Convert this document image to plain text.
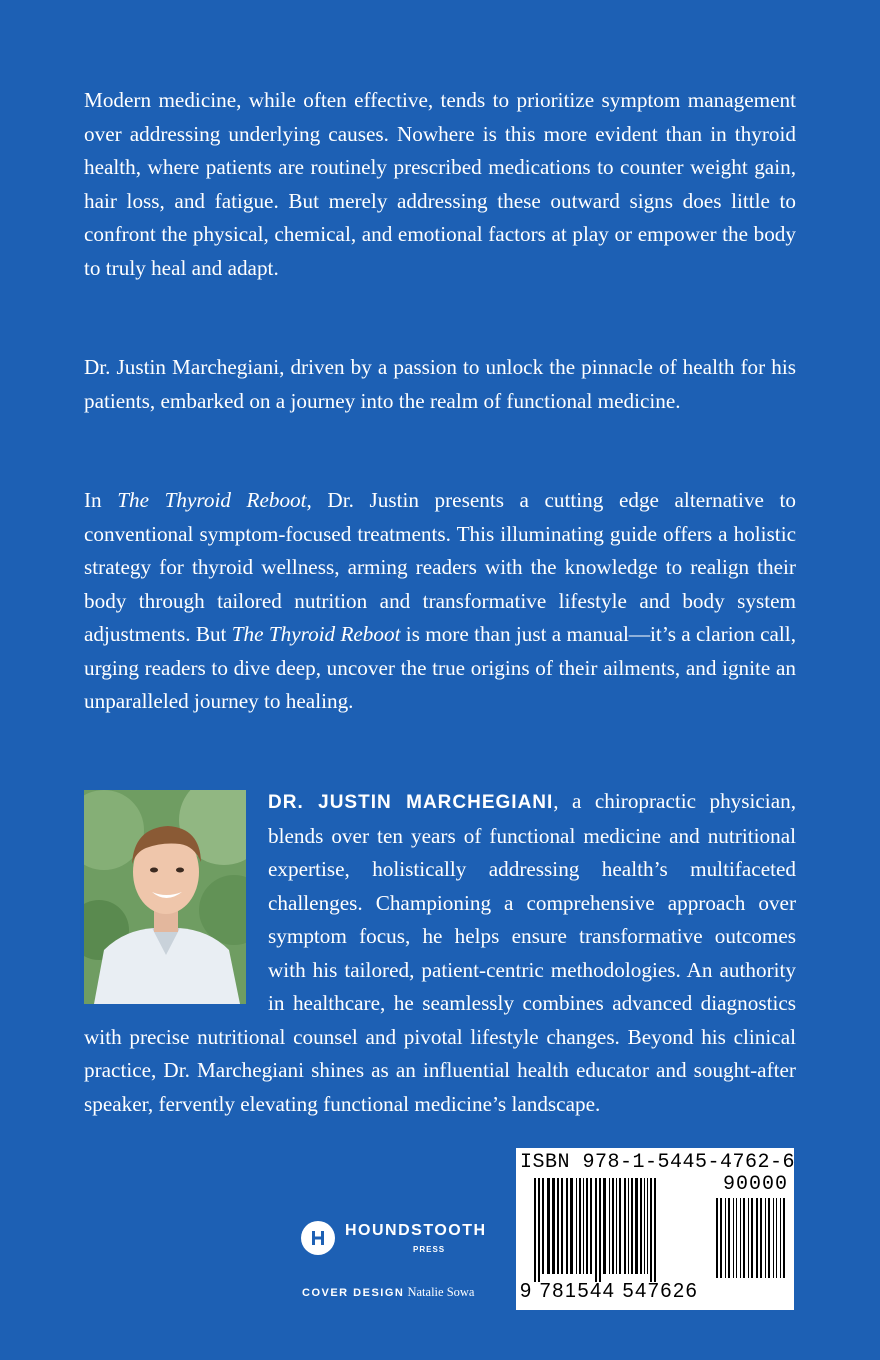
Modern medicine, while often effective, tends to prioritize symptom management over addressing underlying causes. Nowhere is this more evident than in thyroid health, where patients are routinely prescribed medications to counter weight gain, hair loss, and fatigue. But merely addressing these outward signs does little to confront the physical, chemical, and emotional factors at play or empower the body to truly heal and adapt.

Dr. Justin Marchegiani, driven by a passion to unlock the pinnacle of health for his patients, embarked on a journey into the realm of functional medicine.

In The Thyroid Reboot, Dr. Justin presents a cutting edge alternative to conventional symptom-focused treatments. This illuminating guide offers a holistic strategy for thyroid wellness, arming readers with the knowledge to realign their body through tailored nutrition and transformative lifestyle and body system adjustments. But The Thyroid Reboot is more than just a manual—it’s a clarion call, urging readers to dive deep, uncover the true origins of their ailments, and ignite an unparalleled journey to healing.

DR. JUSTIN MARCHEGIANI, a chiropractic physician, blends over ten years of functional medicine and nutritional expertise, holistically addressing health’s multifaceted challenges. Championing a comprehensive approach over symptom focus, he helps ensure transformative outcomes with his tailored, patient-centric methodologies. An authority in healthcare, he seamlessly combines advanced diagnostics with precise nutritional counsel and pivotal lifestyle changes. Beyond his clinical practice, Dr. Marchegiani shines as an influential health educator and sought-after speaker, fervently elevating functional medicine’s landscape.

HOUNDSTOOTH
PRESS
COVER DESIGN Natalie Sowa
ISBN 978-1-5445-4762-6
90000
9 781544 547626
